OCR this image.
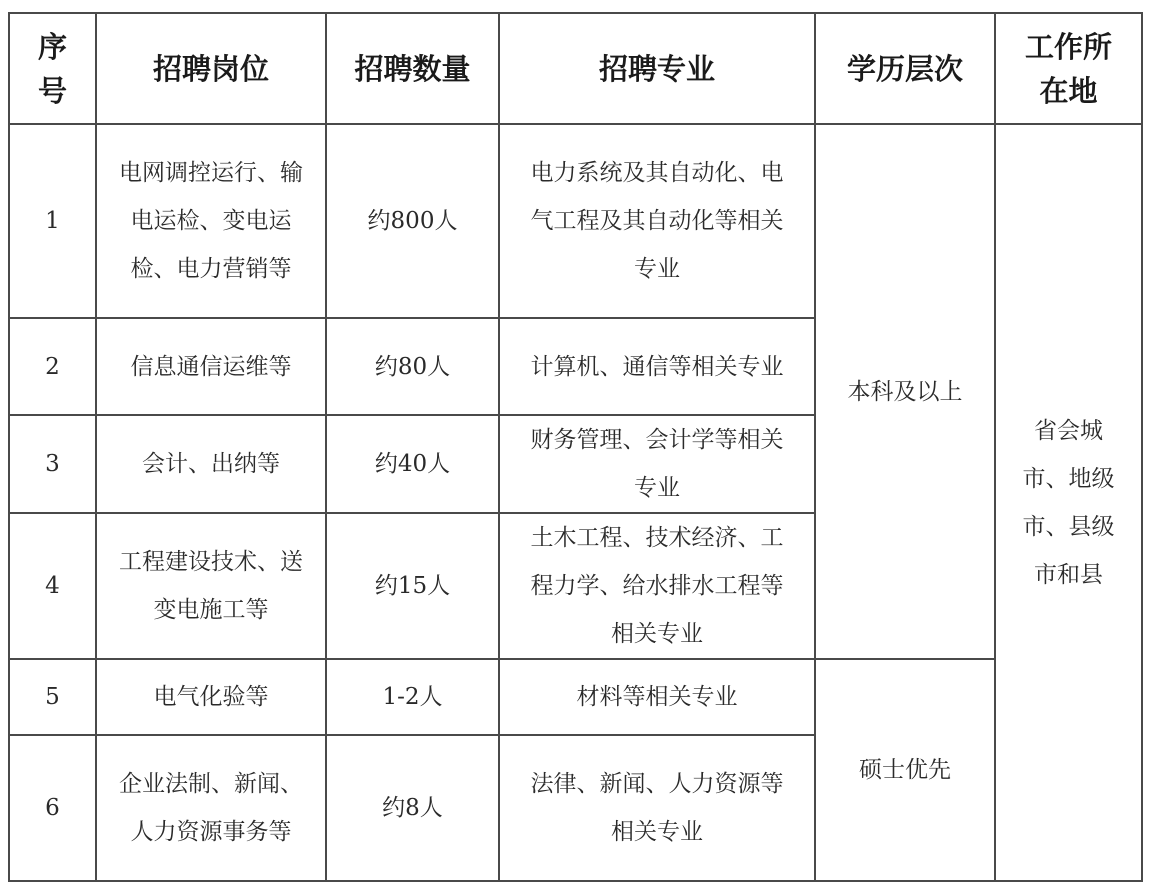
序号	招聘岗位	招聘数量	招聘专业	学历层次	工作所在地
1	电网调控运行、输电运检、变电运检、电力营销等	约800人	电力系统及其自动化、电气工程及其自动化等相关专业	本科及以上	省会城市、地级市、县级市和县
2	信息通信运维等	约80人	计算机、通信等相关专业		
3	会计、出纳等	约40人	财务管理、会计学等相关专业		
4	工程建设技术、送变电施工等	约15人	土木工程、技术经济、工程力学、给水排水工程等相关专业		
5	电气化验等	1-2人	材料等相关专业	硕士优先	
6	企业法制、新闻、人力资源事务等	约8人	法律、新闻、人力资源等相关专业		
